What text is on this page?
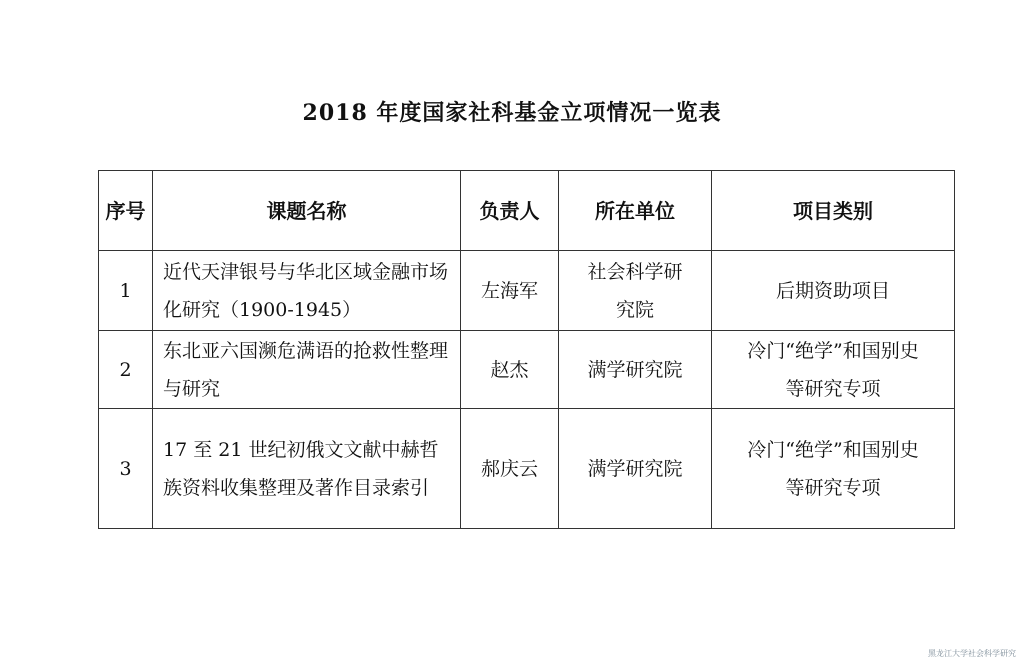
2018 年度国家社科基金立项情况一览表
序号	课题名称	负责人	所在单位	项目类别
1	近代天津银号与华北区域金融市场化研究（1900-1945）	左海军	社会科学研究院	后期资助项目
2	东北亚六国濒危满语的抢救性整理与研究	赵杰	满学研究院	冷门“绝学”和国别史等研究专项
3	17 至 21 世纪初俄文文献中赫哲族资料收集整理及著作目录索引	郝庆云	满学研究院	冷门“绝学”和国别史等研究专项
黑龙江大学社会科学研究
